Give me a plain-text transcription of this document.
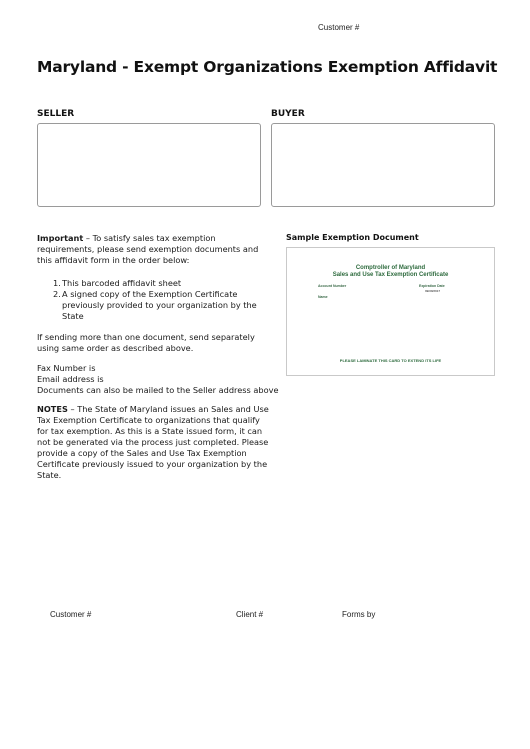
Customer #
Maryland - Exempt Organizations Exemption Affidavit
SELLER	BUYER
Important – To satisfy sales tax exemption requirements, please send exemption documents and this affidavit form in the order below:
1. This barcoded affidavit sheet
2. A signed copy of the Exemption Certificate previously provided to your organization by the State
If sending more than one document, send separately using same order as described above.
Fax Number is
Email address is
Documents can also be mailed to the Seller address above
NOTES – The State of Maryland issues an Sales and Use Tax Exemption Certificate to organizations that qualify for tax exemption. As this is a State issued form, it can not be generated via the process just completed. Please provide a copy of the Sales and Use Tax Exemption Certificate previously issued to your organization by the State.
Sample Exemption Document
Comptroller of Maryland
Sales and Use Tax Exemption Certificate
Account Number	Expiration Date
09/30/2017
Name
PLEASE LAMINATE THIS CARD TO EXTEND ITS LIFE
Customer #	Client #	Forms by
